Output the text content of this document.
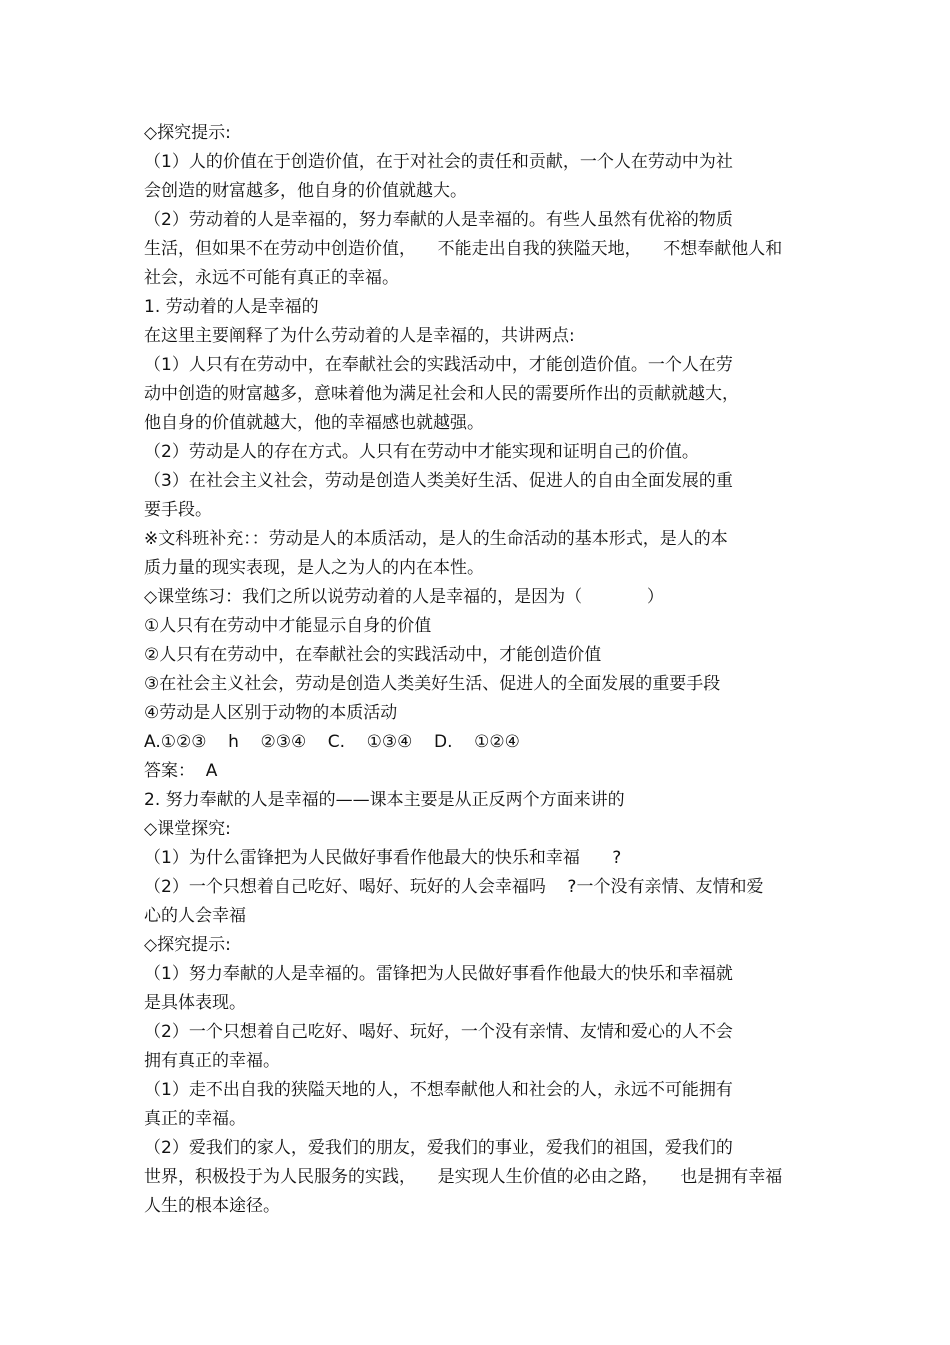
◇探究提示:
（1）人的价值在于创造价值，在于对社会的责任和贡献，一个人在劳动中为社
会创造的财富越多，他自身的价值就越大。
（2）劳动着的人是幸福的，努力奉献的人是幸福的。有些人虽然有优裕的物质
生活，但如果不在劳动中创造价值，    不能走出自我的狭隘天地，    不想奉献他人和
社会，永远不可能有真正的幸福。
1. 劳动着的人是幸福的
在这里主要阐释了为什么劳动着的人是幸福的，共讲两点:
（1）人只有在劳动中，在奉献社会的实践活动中，才能创造价值。一个人在劳
动中创造的财富越多，意味着他为满足社会和人民的需要所作出的贡献就越大，
他自身的价值就越大，他的幸福感也就越强。
（2）劳动是人的存在方式。人只有在劳动中才能实现和证明自己的价值。
（3）在社会主义社会，劳动是创造人类美好生活、促进人的自由全面发展的重
要手段。
※文科班补充：：劳动是人的本质活动，是人的生命活动的基本形式，是人的本
质力量的现实表现，是人之为人的内在本性。
◇课堂练习：我们之所以说劳动着的人是幸福的，是因为（            ）
①人只有在劳动中才能显示自身的价值
②人只有在劳动中，在奉献社会的实践活动中，才能创造价值
③在社会主义社会，劳动是创造人类美好生活、促进人的全面发展的重要手段
④劳动是人区别于动物的本质活动
A.①②③    h    ②③④    C.    ①③④    D.    ①②④
答案：  A
2. 努力奉献的人是幸福的——课本主要是从正反两个方面来讲的
◇课堂探究:
（1）为什么雷锋把为人民做好事看作他最大的快乐和幸福      ?
（2）一个只想着自己吃好、喝好、玩好的人会幸福吗    ?一个没有亲情、友情和爱
心的人会幸福
◇探究提示:
（1）努力奉献的人是幸福的。雷锋把为人民做好事看作他最大的快乐和幸福就
是具体表现。
（2）一个只想着自己吃好、喝好、玩好，一个没有亲情、友情和爱心的人不会
拥有真正的幸福。
（1）走不出自我的狭隘天地的人，不想奉献他人和社会的人，永远不可能拥有
真正的幸福。
（2）爱我们的家人，爱我们的朋友，爱我们的事业，爱我们的祖国，爱我们的
世界，积极投于为人民服务的实践，    是实现人生价值的必由之路，    也是拥有幸福
人生的根本途径。
